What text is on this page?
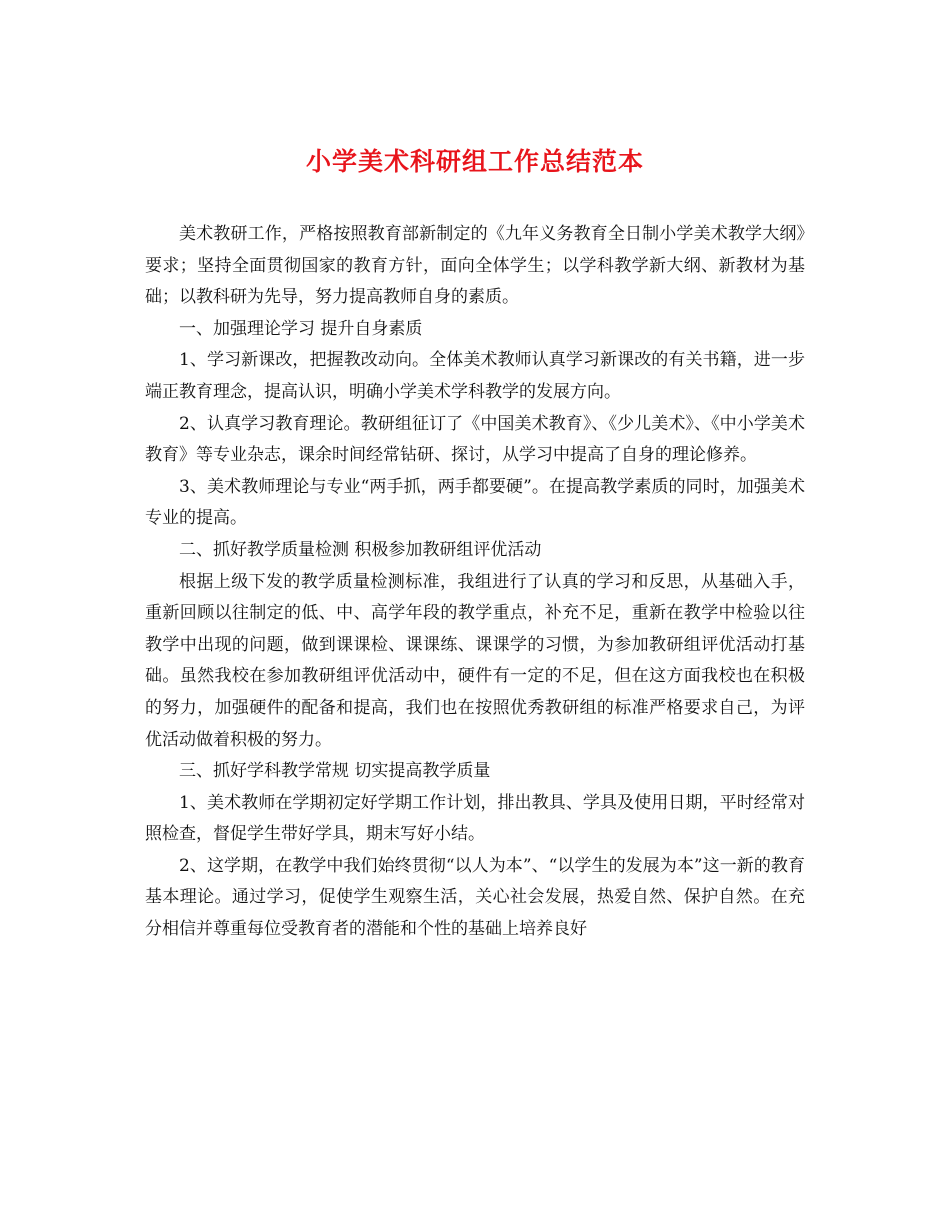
小学美术科研组工作总结范本

美术教研工作，严格按照教育部新制定的《九年义务教育全日制小学美术教学大纲》要求；坚持全面贯彻国家的教育方针，面向全体学生；以学科教学新大纲、新教材为基础；以教科研为先导，努力提高教师自身的素质。

一、加强理论学习 提升自身素质

1、学习新课改，把握教改动向。全体美术教师认真学习新课改的有关书籍，进一步端正教育理念，提高认识，明确小学美术学科教学的发展方向。

2、认真学习教育理论。教研组征订了《中国美术教育》、《少儿美术》、《中小学美术教育》等专业杂志，课余时间经常钻研、探讨，从学习中提高了自身的理论修养。

3、美术教师理论与专业“两手抓，两手都要硬”。在提高教学素质的同时，加强美术专业的提高。

二、抓好教学质量检测 积极参加教研组评优活动

根据上级下发的教学质量检测标准，我组进行了认真的学习和反思，从基础入手，重新回顾以往制定的低、中、高学年段的教学重点，补充不足，重新在教学中检验以往教学中出现的问题，做到课课检、课课练、课课学的习惯，为参加教研组评优活动打基础。虽然我校在参加教研组评优活动中，硬件有一定的不足，但在这方面我校也在积极的努力，加强硬件的配备和提高，我们也在按照优秀教研组的标准严格要求自己，为评优活动做着积极的努力。

三、抓好学科教学常规 切实提高教学质量

1、美术教师在学期初定好学期工作计划，排出教具、学具及使用日期，平时经常对照检查，督促学生带好学具，期末写好小结。

2、这学期，在教学中我们始终贯彻“以人为本”、“以学生的发展为本”这一新的教育基本理论。通过学习，促使学生观察生活，关心社会发展，热爱自然、保护自然。在充分相信并尊重每位受教育者的潜能和个性的基础上培养良好
